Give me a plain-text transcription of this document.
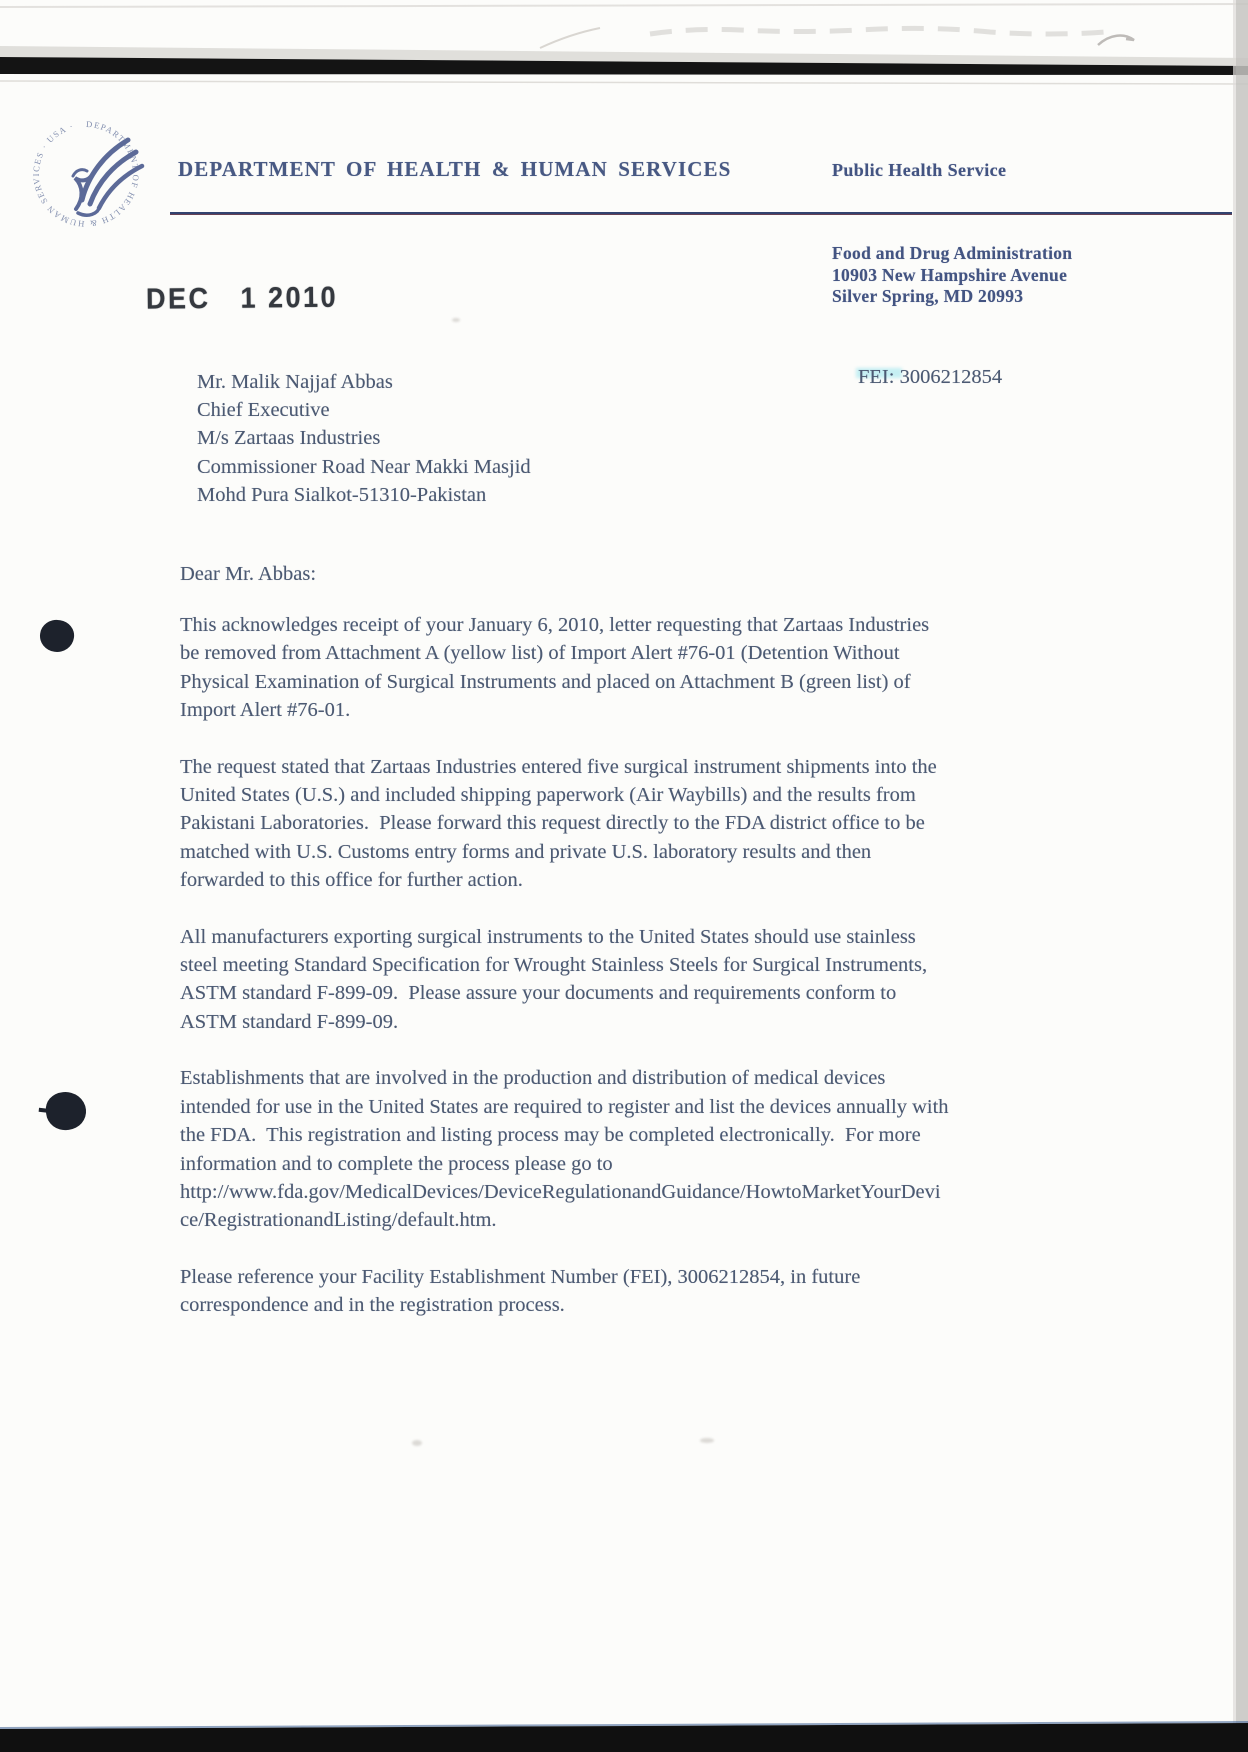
DEPARTMENT OF HEALTH & HUMAN SERVICES · USA ·
DEPARTMENT OF HEALTH & HUMAN SERVICES	Public Health Service
Food and Drug Administration
10903 New Hampshire Avenue
Silver Spring, MD 20993
DEC   1 2010
FEI: 3006212854
Mr. Malik Najjaf Abbas
Chief Executive
M/s Zartaas Industries
Commissioner Road Near Makki Masjid
Mohd Pura Sialkot-51310-Pakistan
Dear Mr. Abbas:
This acknowledges receipt of your January 6, 2010, letter requesting that Zartaas Industries
be removed from Attachment A (yellow list) of Import Alert #76-01 (Detention Without
Physical Examination of Surgical Instruments and placed on Attachment B (green list) of
Import Alert #76-01.
The request stated that Zartaas Industries entered five surgical instrument shipments into the
United States (U.S.) and included shipping paperwork (Air Waybills) and the results from
Pakistani Laboratories.  Please forward this request directly to the FDA district office to be
matched with U.S. Customs entry forms and private U.S. laboratory results and then
forwarded to this office for further action.
All manufacturers exporting surgical instruments to the United States should use stainless
steel meeting Standard Specification for Wrought Stainless Steels for Surgical Instruments,
ASTM standard F-899-09.  Please assure your documents and requirements conform to
ASTM standard F-899-09.
Establishments that are involved in the production and distribution of medical devices
intended for use in the United States are required to register and list the devices annually with
the FDA.  This registration and listing process may be completed electronically.  For more
information and to complete the process please go to
http://www.fda.gov/MedicalDevices/DeviceRegulationandGuidance/HowtoMarketYourDevi
ce/RegistrationandListing/default.htm.
Please reference your Facility Establishment Number (FEI), 3006212854, in future
correspondence and in the registration process.
